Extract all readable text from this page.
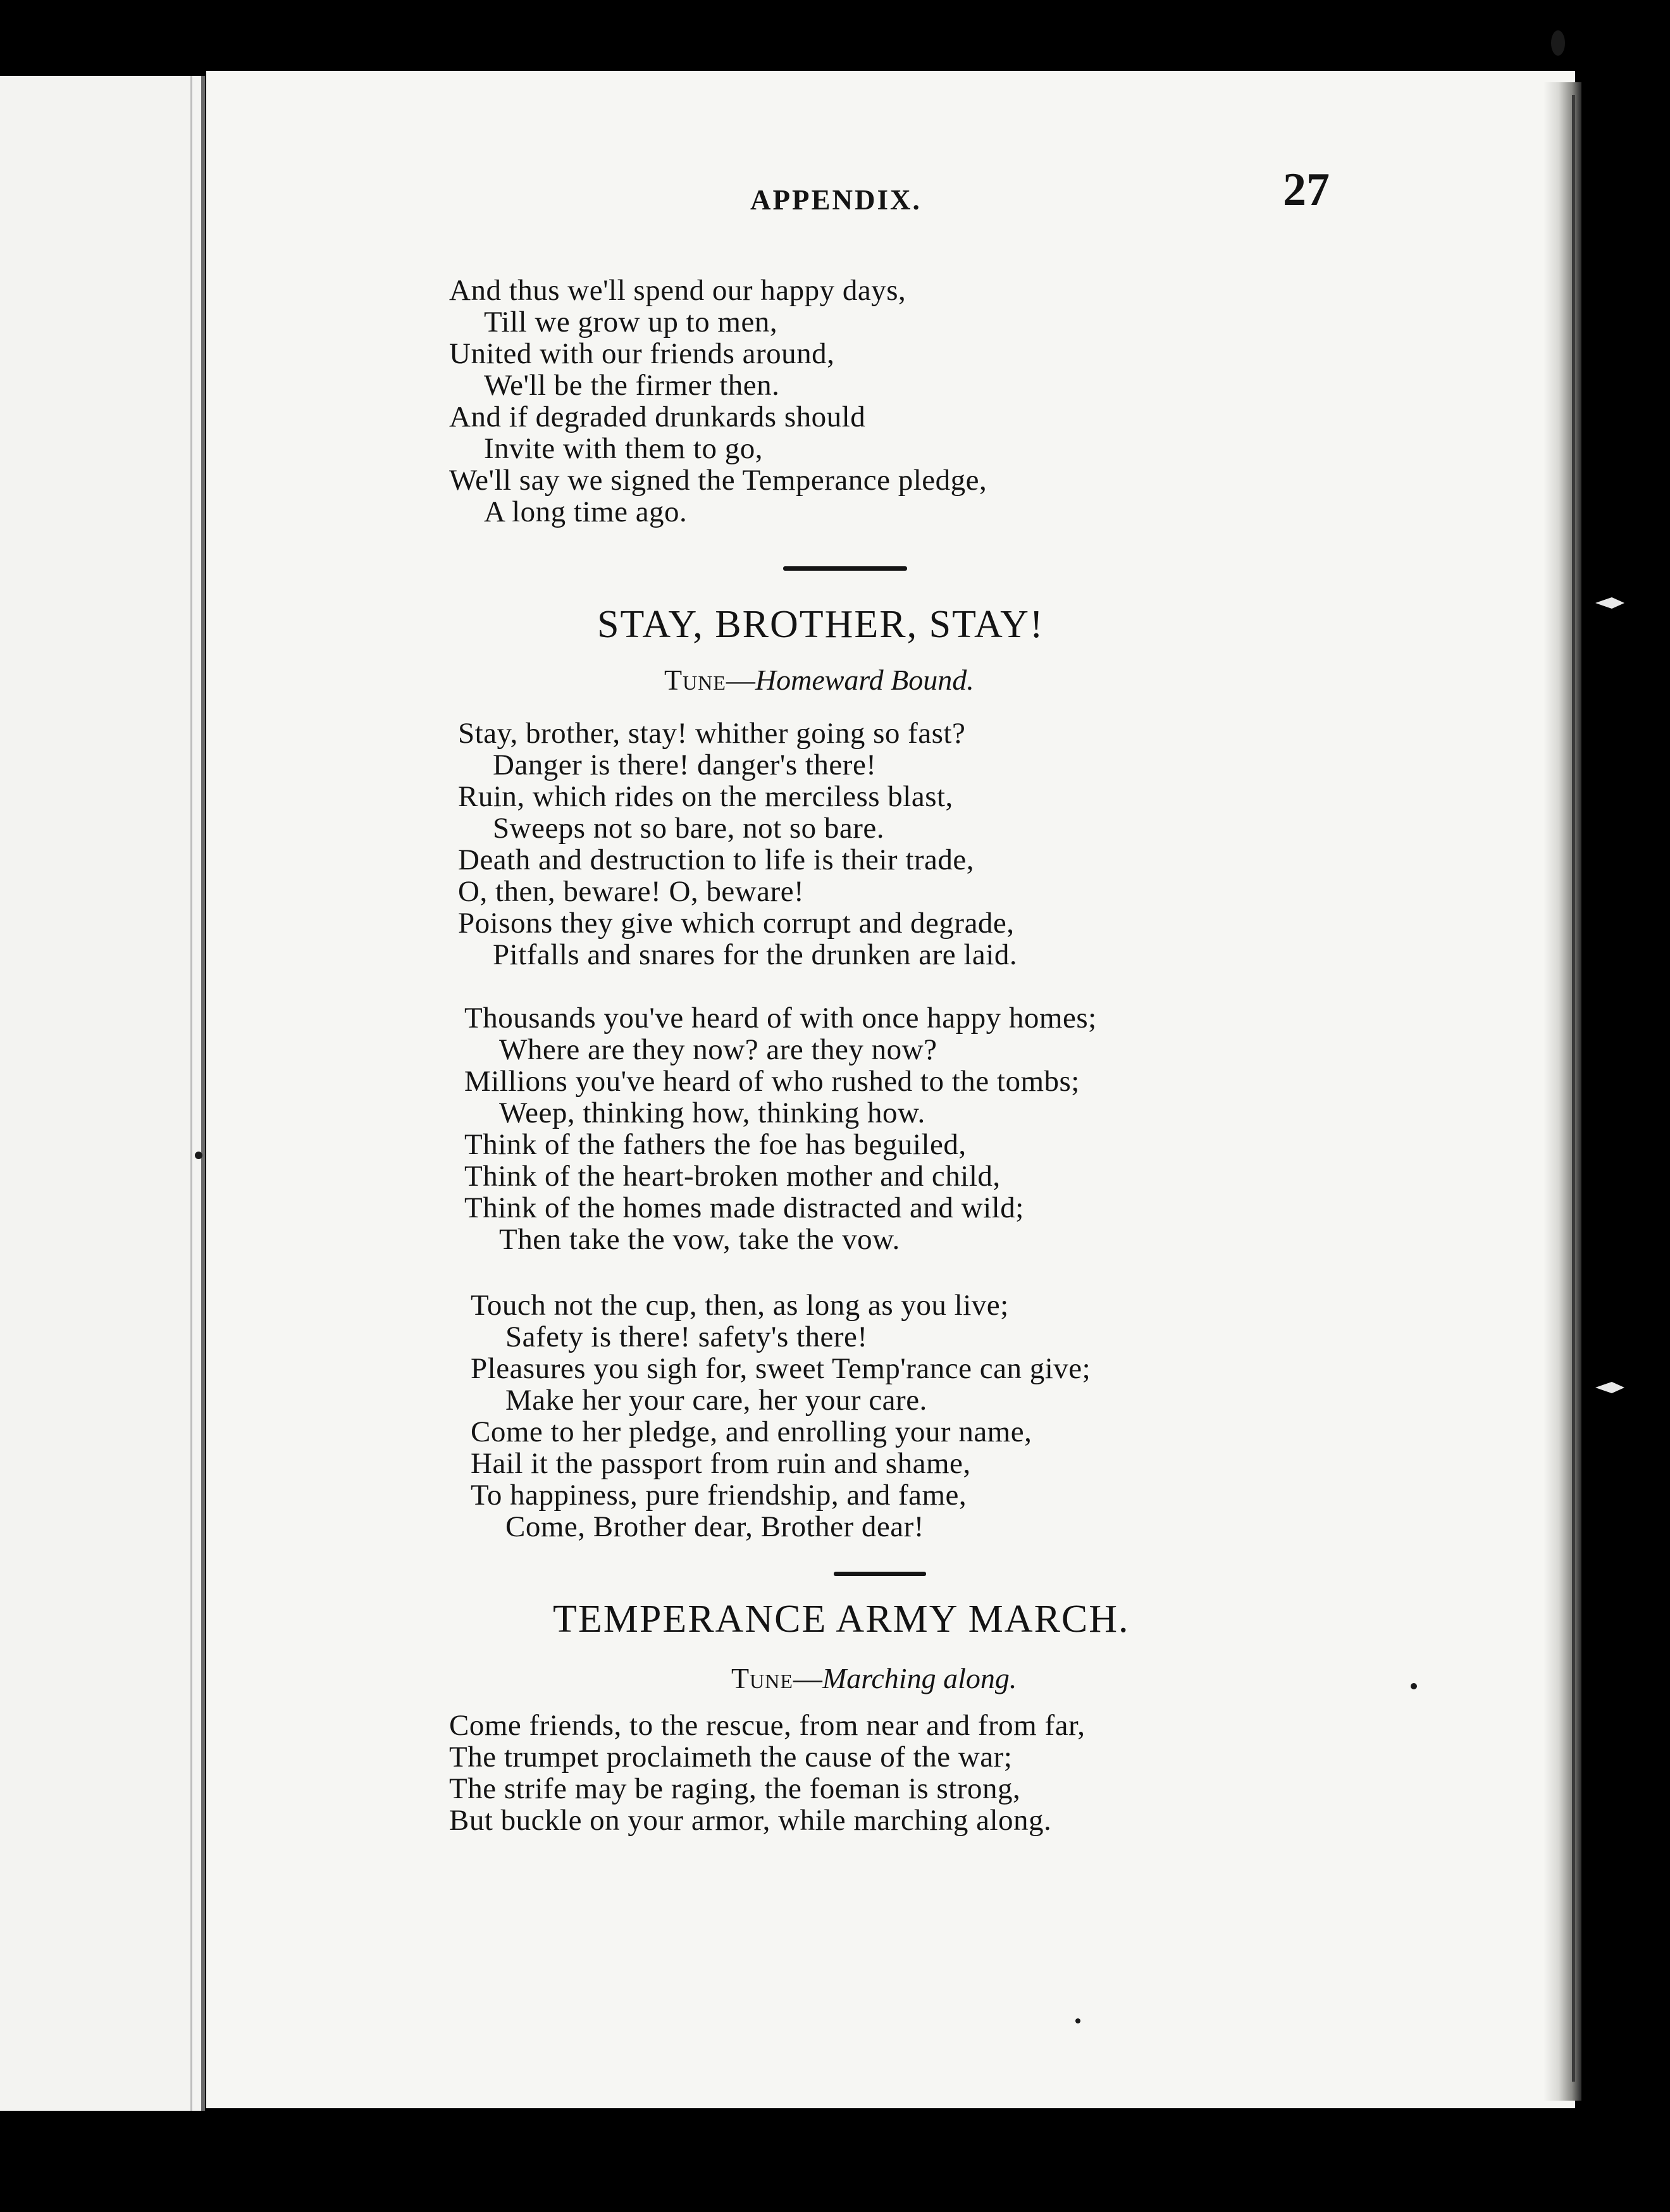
APPENDIX.	27
And thus we'll spend our happy days,
Till we grow up to men,
United with our friends around,
We'll be the firmer then.
And if degraded drunkards should
Invite with them to go,
We'll say we signed the Temperance pledge,
A long time ago.
STAY, BROTHER, STAY!
Tune—Homeward Bound.
Stay, brother, stay! whither going so fast?
Danger is there! danger's there!
Ruin, which rides on the merciless blast,
Sweeps not so bare, not so bare.
Death and destruction to life is their trade,
O, then, beware! O, beware!
Poisons they give which corrupt and degrade,
Pitfalls and snares for the drunken are laid.
Thousands you've heard of with once happy homes;
Where are they now? are they now?
Millions you've heard of who rushed to the tombs;
Weep, thinking how, thinking how.
Think of the fathers the foe has beguiled,
Think of the heart-broken mother and child,
Think of the homes made distracted and wild;
Then take the vow, take the vow.
Touch not the cup, then, as long as you live;
Safety is there! safety's there!
Pleasures you sigh for, sweet Temp'rance can give;
Make her your care, her your care.
Come to her pledge, and enrolling your name,
Hail it the passport from ruin and shame,
To happiness, pure friendship, and fame,
Come, Brother dear, Brother dear!
TEMPERANCE ARMY MARCH.
Tune—Marching along.
Come friends, to the rescue, from near and from far,
The trumpet proclaimeth the cause of the war;
The strife may be raging, the foeman is strong,
But buckle on your armor, while marching along.
